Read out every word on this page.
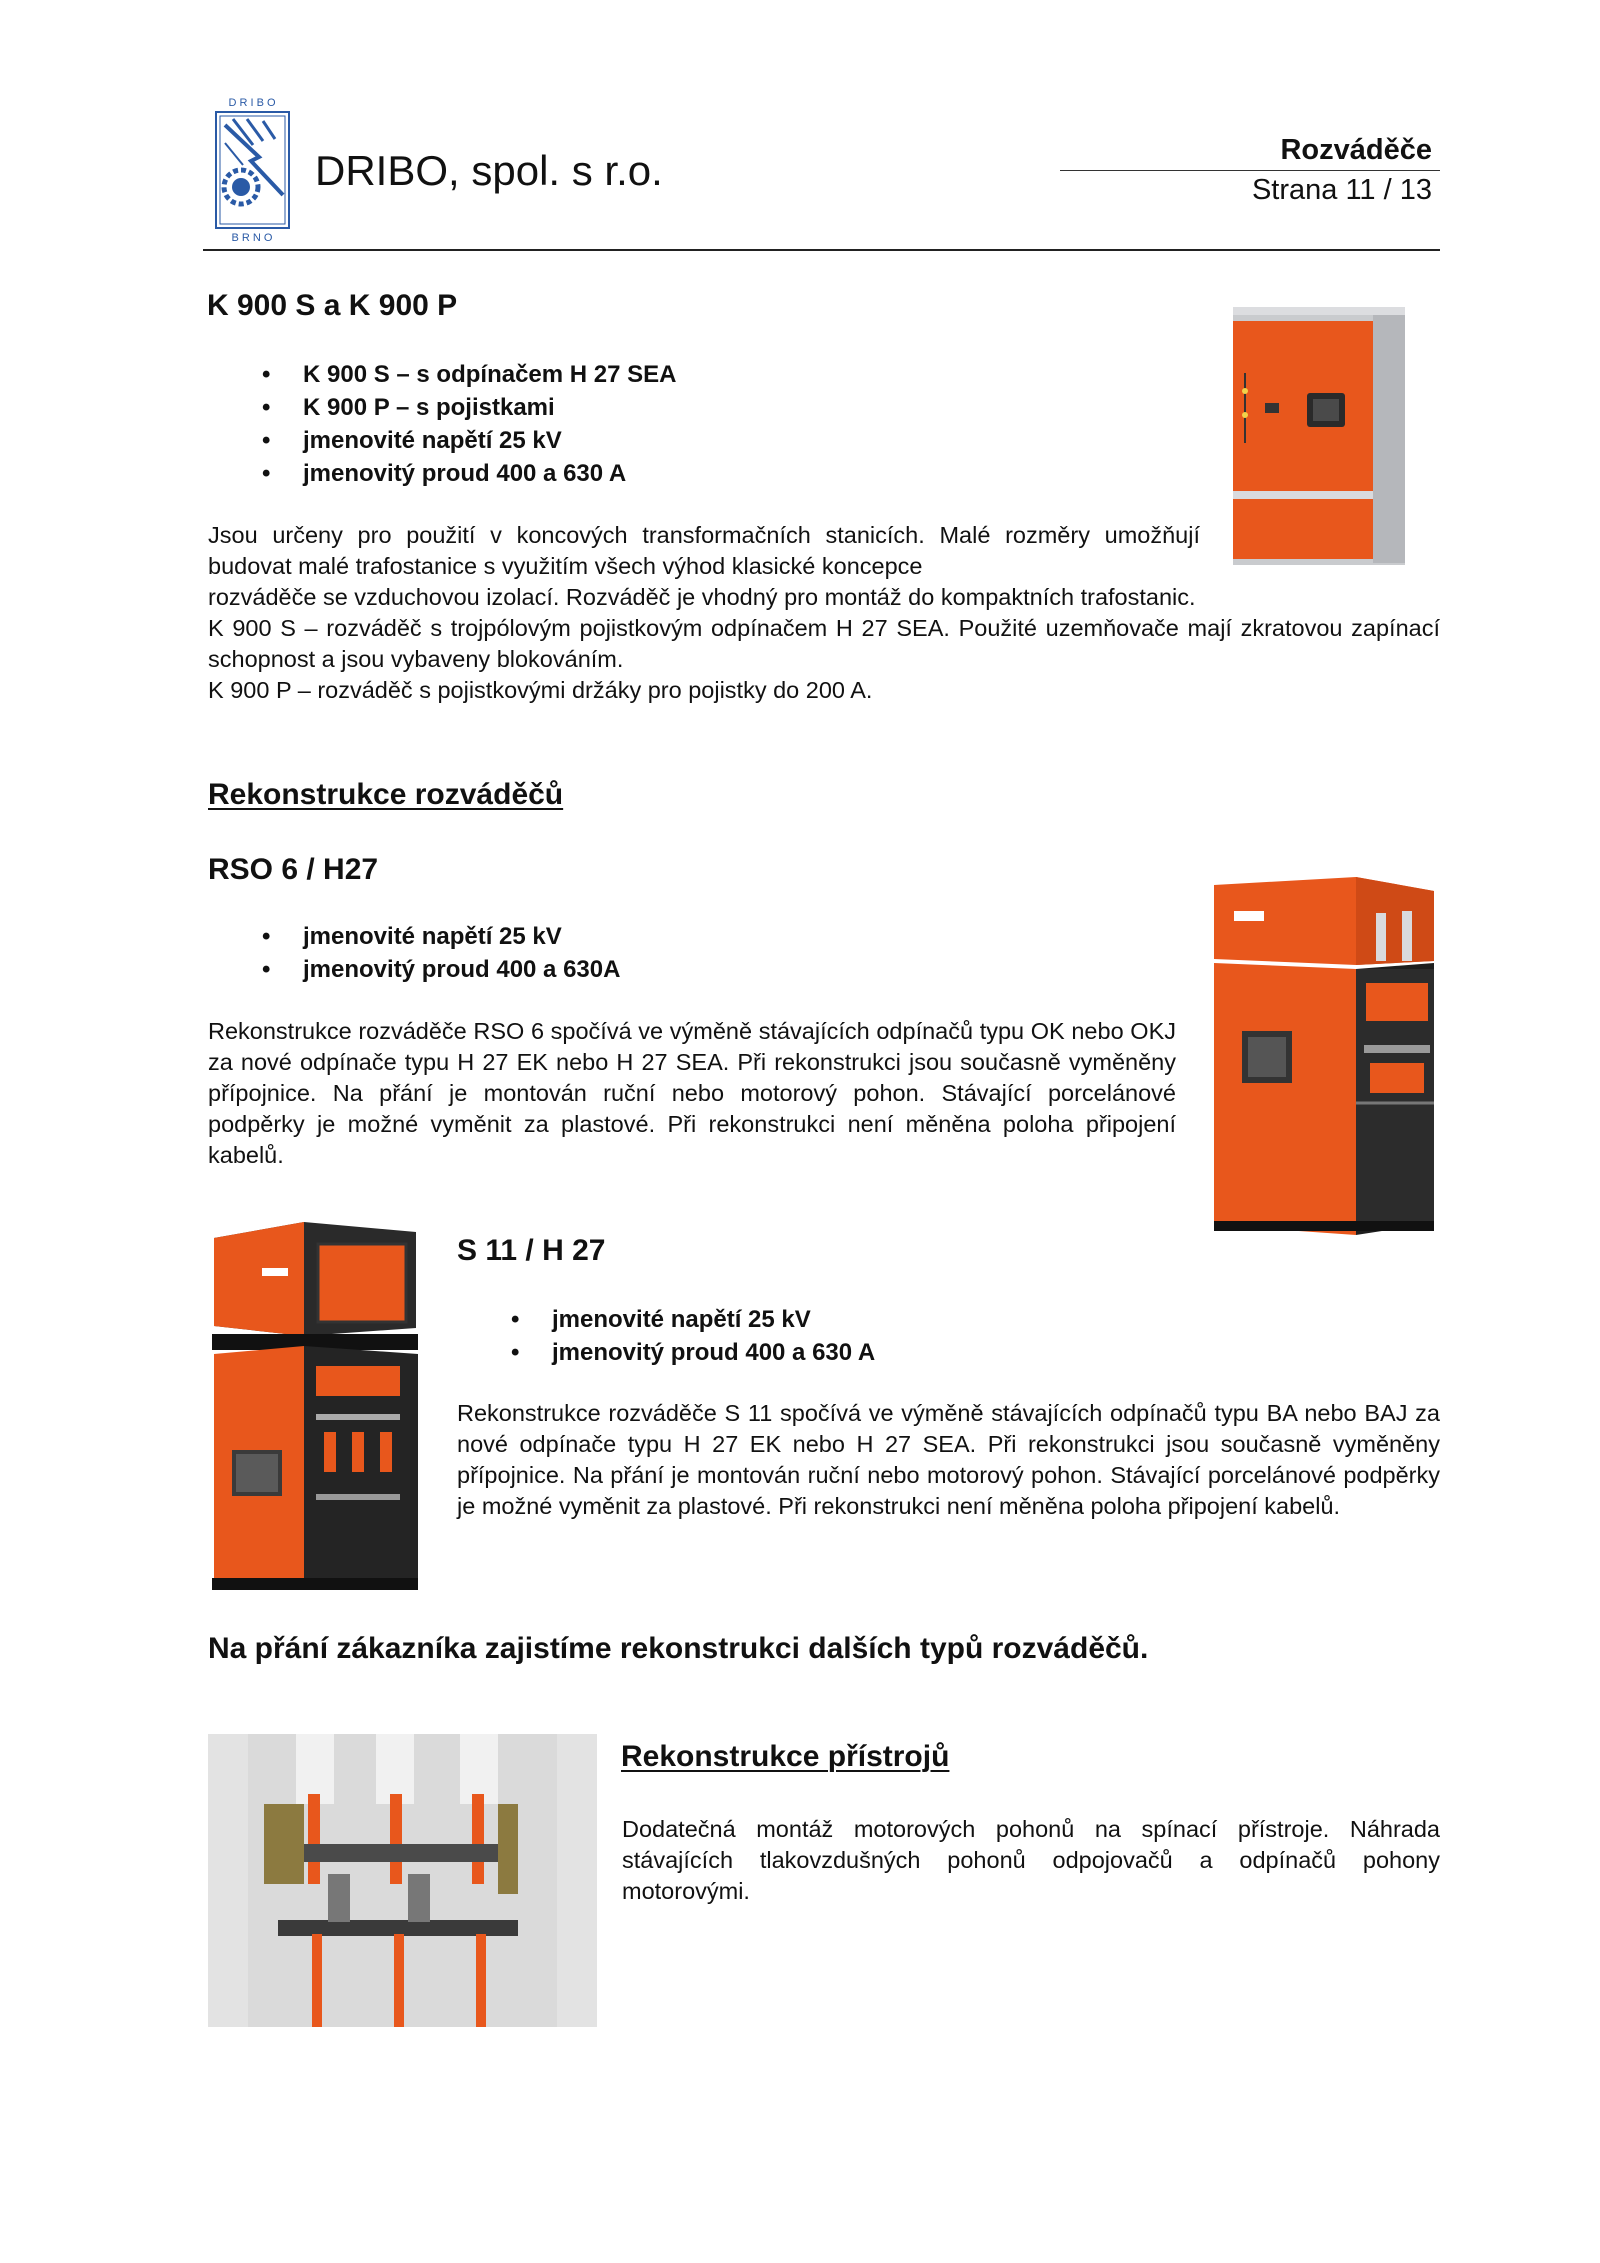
D R I B O
B R N O
DRIBO, spol. s r.o.	Rozváděče
Strana 11 / 13
K 900 S a K 900 P
• K 900 S – s odpínačem H 27 SEA
• K 900 P – s pojistkami
• jmenovité napětí 25 kV
• jmenovitý proud 400 a 630 A

Jsou určeny pro použití v koncových transformačních stanicích. Malé rozměry umožňují budovat malé trafostanice s využitím všech výhod klasické koncepce

rozváděče se vzduchovou izolací. Rozváděč je vhodný pro montáž do kompaktních trafostanic.

K 900 S – rozváděč s trojpólovým pojistkovým odpínačem H 27 SEA. Použité uzemňovače mají zkratovou zapínací schopnost a jsou vybaveny blokováním.

K 900 P – rozváděč s pojistkovými držáky pro pojistky do 200 A.

Rekonstrukce rozváděčů
RSO 6 / H27
• jmenovité napětí 25 kV
• jmenovitý proud 400 a 630A

Rekonstrukce rozváděče RSO 6 spočívá ve výměně stávajících odpínačů typu OK nebo OKJ za nové odpínače typu H 27 EK nebo H 27 SEA. Při rekonstrukci jsou současně vyměněny přípojnice. Na přání je montován ruční nebo motorový pohon. Stávající porcelánové podpěrky je možné vyměnit za plastové. Při rekonstrukci není měněna poloha připojení kabelů.

S 11 / H 27
• jmenovité napětí 25 kV
• jmenovitý proud 400 a 630 A

Rekonstrukce rozváděče S 11 spočívá ve výměně stávajících odpínačů typu BA nebo BAJ za nové odpínače typu H 27 EK nebo H 27 SEA. Při rekonstrukci jsou současně vyměněny přípojnice. Na přání je montován ruční nebo motorový pohon. Stávající porcelánové podpěrky je možné vyměnit za plastové. Při rekonstrukci není měněna poloha připojení kabelů.

Na přání zákazníka zajistíme rekonstrukci dalších typů rozváděčů.
Rekonstrukce přístrojů

Dodatečná montáž motorových pohonů na spínací přístroje. Náhrada stávajících tlakovzdušných pohonů odpojovačů a odpínačů pohony motorovými.
